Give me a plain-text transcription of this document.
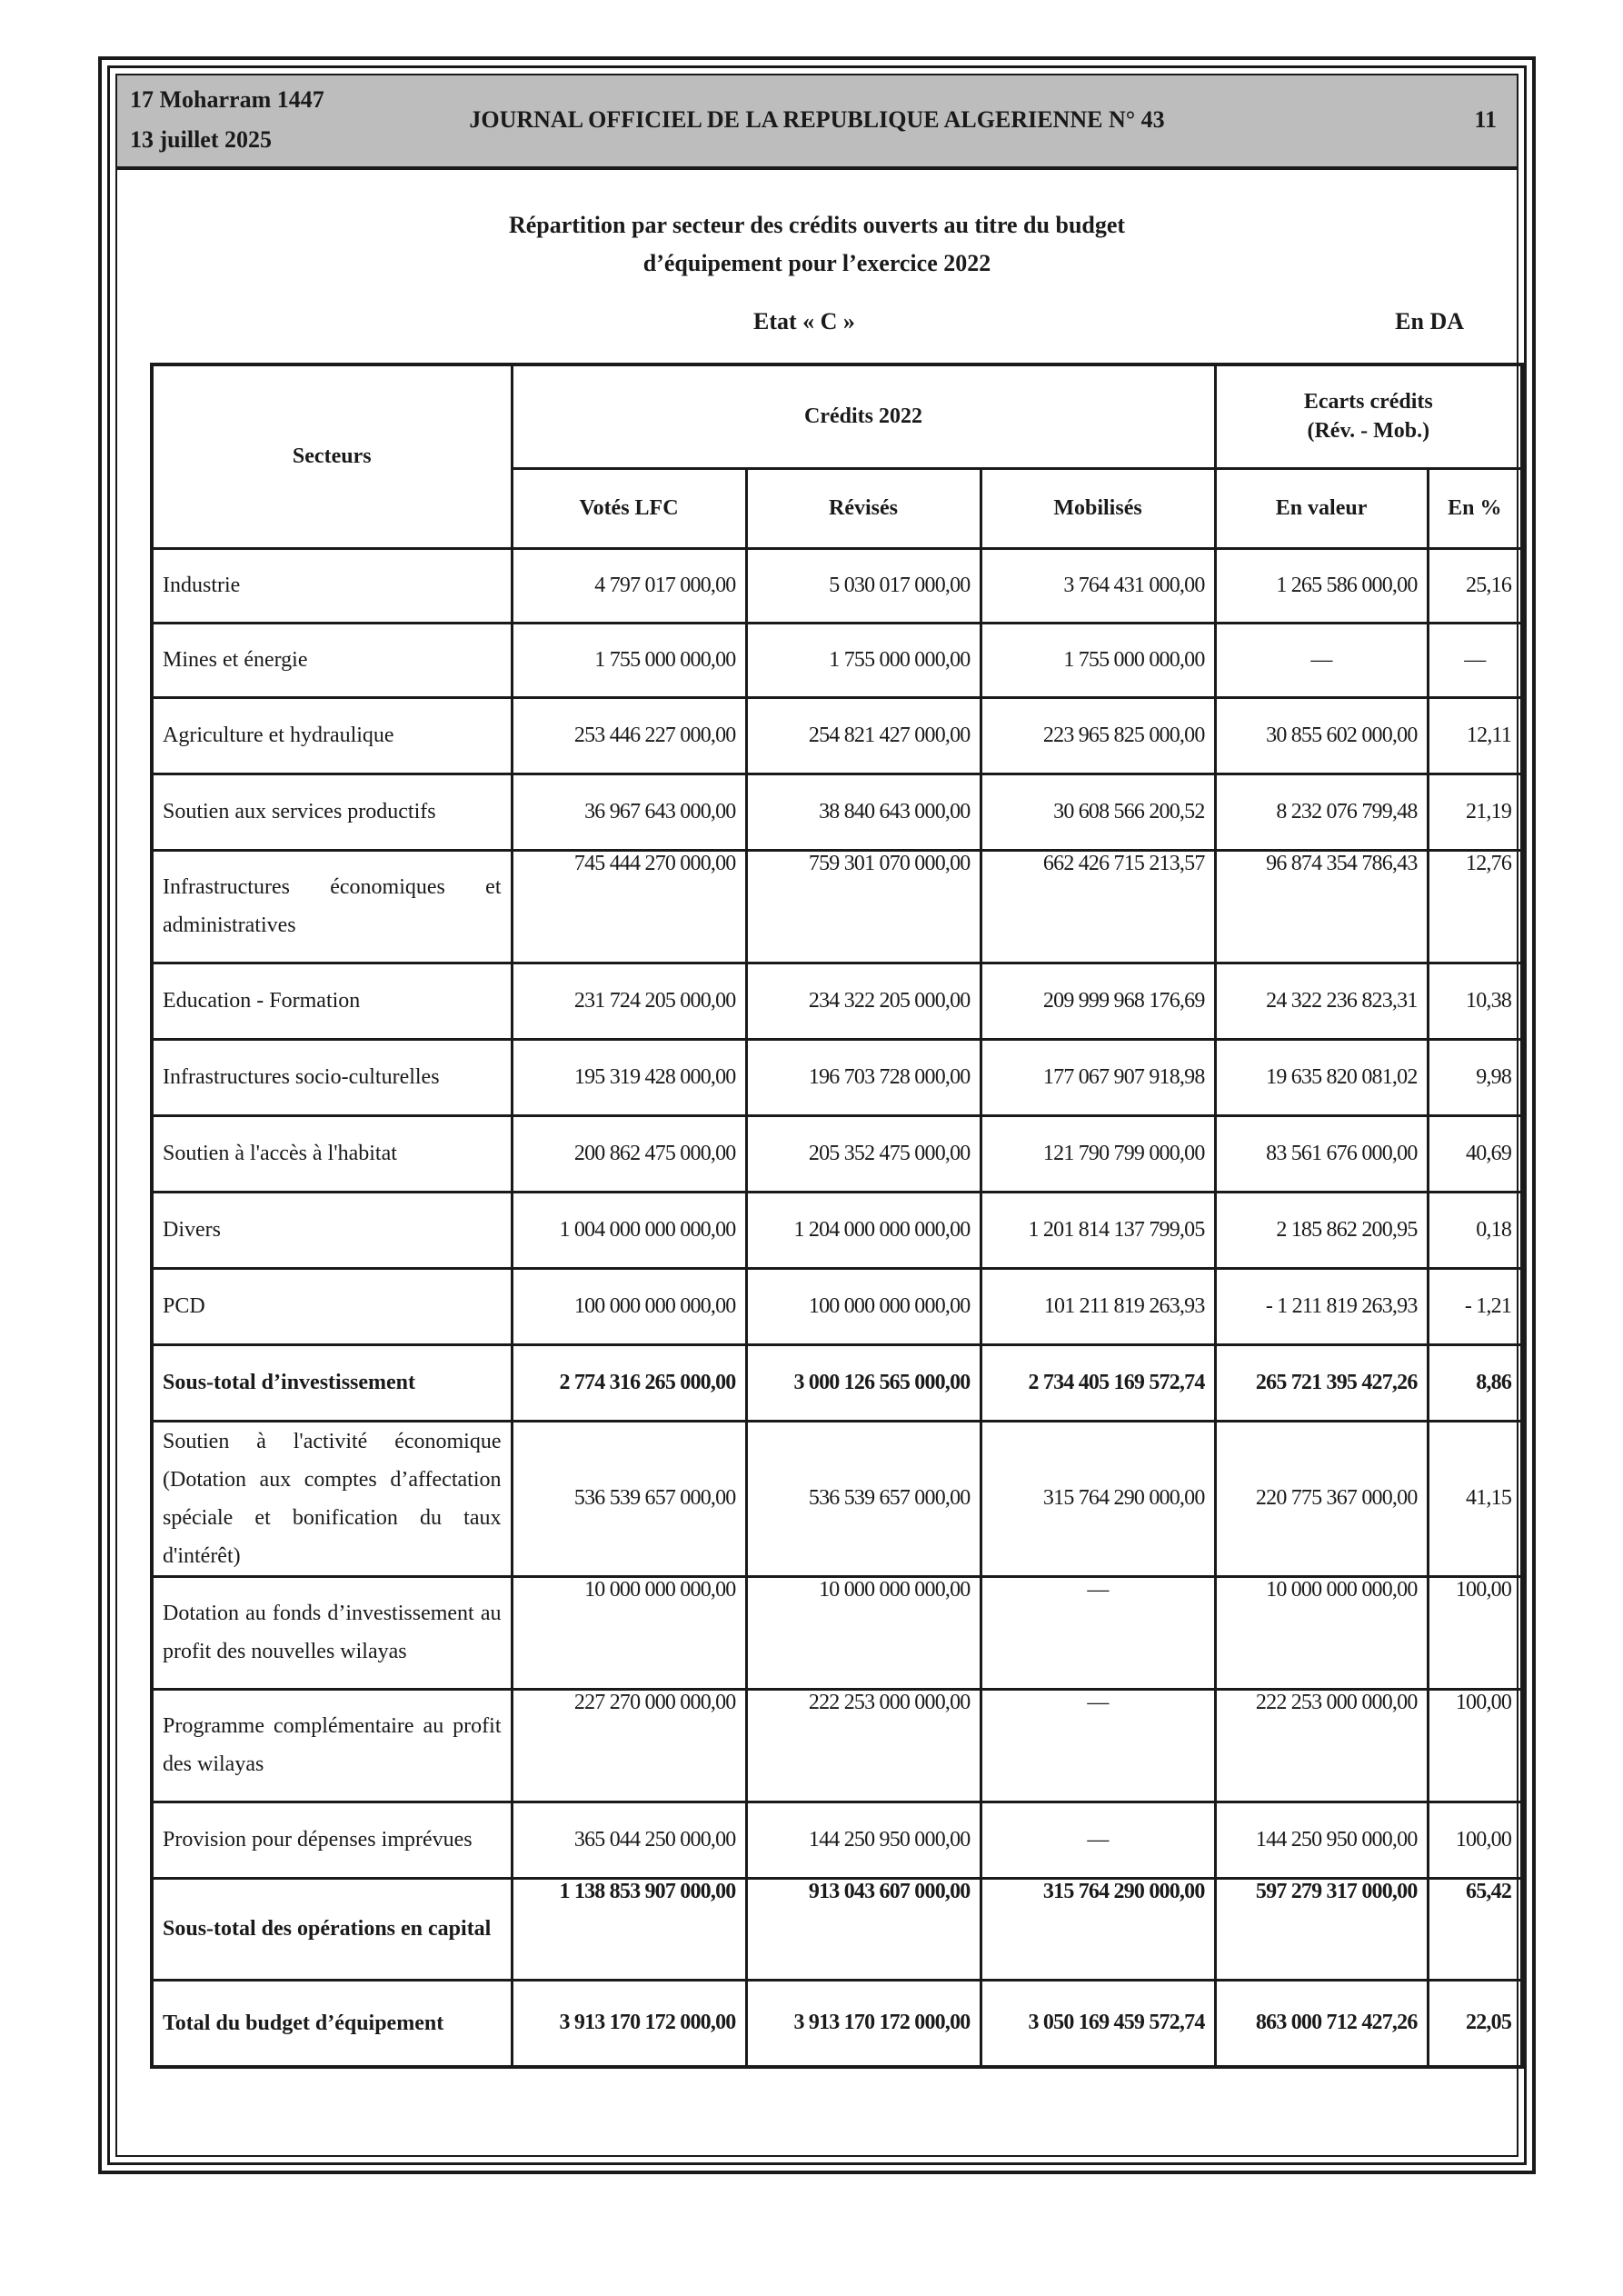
17 Moharram 1447
13 juillet 2025
JOURNAL OFFICIEL DE LA REPUBLIQUE ALGERIENNE N° 43	11
Répartition par secteur des crédits ouverts au titre du budget
d’équipement pour l’exercice 2022
Etat « C »	En DA
Secteurs	Crédits 2022			Ecarts crédits
(Rév. - Mob.)	

	Votés LFC	Révisés	Mobilisés	En valeur	En %
Industrie	4 797 017 000,00	5 030 017 000,00	3 764 431 000,00	1 265 586 000,00	25,16
Mines et énergie	1 755 000 000,00	1 755 000 000,00	1 755 000 000,00	—	—
Agriculture et hydraulique	253 446 227 000,00	254 821 427 000,00	223 965 825 000,00	30 855 602 000,00	12,11
Soutien aux services productifs	36 967 643 000,00	38 840 643 000,00	30 608 566 200,52	8 232 076 799,48	21,19
Infrastructures économiques et administratives	745 444 270 000,00	759 301 070 000,00	662 426 715 213,57	96 874 354 786,43	12,76
Education - Formation	231 724 205 000,00	234 322 205 000,00	209 999 968 176,69	24 322 236 823,31	10,38
Infrastructures socio-culturelles	195 319 428 000,00	196 703 728 000,00	177 067 907 918,98	19 635 820 081,02	9,98
Soutien à l'accès à l'habitat	200 862 475 000,00	205 352 475 000,00	121 790 799 000,00	83 561 676 000,00	40,69
Divers	1 004 000 000 000,00	1 204 000 000 000,00	1 201 814 137 799,05	2 185 862 200,95	0,18
PCD	100 000 000 000,00	100 000 000 000,00	101 211 819 263,93	- 1 211 819 263,93	- 1,21
Sous-total d’investissement	2 774 316 265 000,00	3 000 126 565 000,00	2 734 405 169 572,74	265 721 395 427,26	8,86
Soutien à l'activité économique (Dotation aux comptes d’affectation spéciale et bonification du taux d'intérêt)	536 539 657 000,00	536 539 657 000,00	315 764 290 000,00	220 775 367 000,00	41,15
Dotation au fonds d’investissement au profit des nouvelles wilayas	10 000 000 000,00	10 000 000 000,00	—	10 000 000 000,00	100,00
Programme complémentaire au profit des wilayas	227 270 000 000,00	222 253 000 000,00	—	222 253 000 000,00	100,00
Provision pour dépenses imprévues	365 044 250 000,00	144 250 950 000,00	—	144 250 950 000,00	100,00
Sous-total des opérations en capital	1 138 853 907 000,00	913 043 607 000,00	315 764 290 000,00	597 279 317 000,00	65,42
Total du budget d’équipement	3 913 170 172 000,00	3 913 170 172 000,00	3 050 169 459 572,74	863 000 712 427,26	22,05
